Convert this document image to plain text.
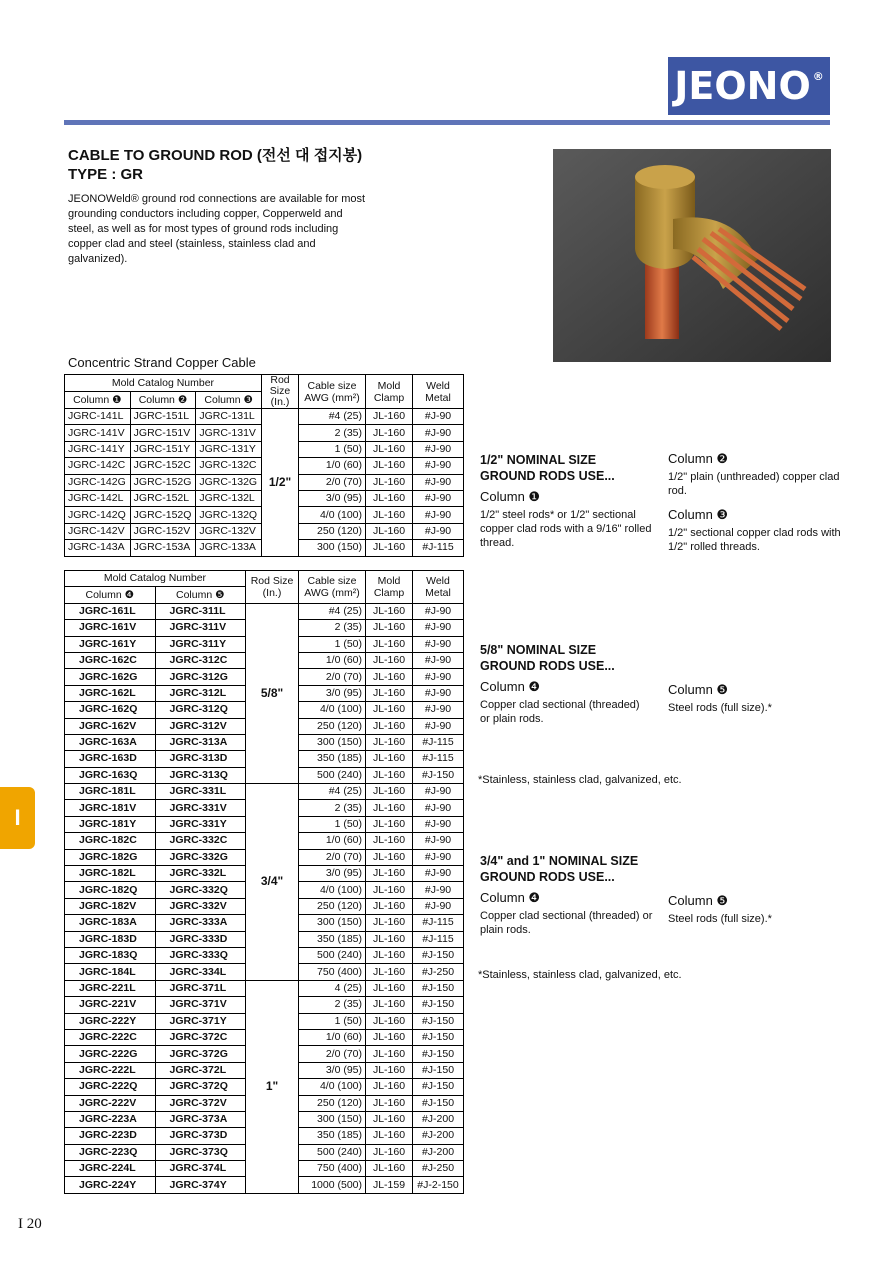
JEONO®
CABLE TO GROUND ROD (전선 대 접지봉)
TYPE : GR
JEONOWeld® ground rod connections are available for most grounding conductors including copper, Copperweld and steel, as well as for most types of ground rods including copper clad and steel (stainless, stainless clad and galvanized).
Concentric Strand Copper Cable
Mold Catalog Number			Rod Size (In.)	Cable size AWG (mm²)	Mold Clamp	Weld Metal
Column ❶	Column ❷	Column ❸				
JGRC-141L	JGRC-151L	JGRC-131L	1/2"	#4 (25)	JL-160	#J-90
JGRC-141V	JGRC-151V	JGRC-131V		2 (35)	JL-160	#J-90
JGRC-141Y	JGRC-151Y	JGRC-131Y		1 (50)	JL-160	#J-90
JGRC-142C	JGRC-152C	JGRC-132C		1/0 (60)	JL-160	#J-90
JGRC-142G	JGRC-152G	JGRC-132G		2/0 (70)	JL-160	#J-90
JGRC-142L	JGRC-152L	JGRC-132L		3/0 (95)	JL-160	#J-90
JGRC-142Q	JGRC-152Q	JGRC-132Q		4/0 (100)	JL-160	#J-90
JGRC-142V	JGRC-152V	JGRC-132V		250 (120)	JL-160	#J-90
JGRC-143A	JGRC-153A	JGRC-133A		300 (150)	JL-160	#J-115
Mold Catalog Number		Rod Size (In.)	Cable size AWG (mm²)	Mold Clamp	Weld Metal
Column ❹	Column ❺				
JGRC-161L	JGRC-311L	5/8"	#4 (25)	JL-160	#J-90
JGRC-161V	JGRC-311V		2 (35)	JL-160	#J-90
JGRC-161Y	JGRC-311Y		1 (50)	JL-160	#J-90
JGRC-162C	JGRC-312C		1/0 (60)	JL-160	#J-90
JGRC-162G	JGRC-312G		2/0 (70)	JL-160	#J-90
JGRC-162L	JGRC-312L		3/0 (95)	JL-160	#J-90
JGRC-162Q	JGRC-312Q		4/0 (100)	JL-160	#J-90
JGRC-162V	JGRC-312V		250 (120)	JL-160	#J-90
JGRC-163A	JGRC-313A		300 (150)	JL-160	#J-115
JGRC-163D	JGRC-313D		350 (185)	JL-160	#J-115
JGRC-163Q	JGRC-313Q		500 (240)	JL-160	#J-150
JGRC-181L	JGRC-331L	3/4"	#4 (25)	JL-160	#J-90
JGRC-181V	JGRC-331V		2 (35)	JL-160	#J-90
JGRC-181Y	JGRC-331Y		1 (50)	JL-160	#J-90
JGRC-182C	JGRC-332C		1/0 (60)	JL-160	#J-90
JGRC-182G	JGRC-332G		2/0 (70)	JL-160	#J-90
JGRC-182L	JGRC-332L		3/0 (95)	JL-160	#J-90
JGRC-182Q	JGRC-332Q		4/0 (100)	JL-160	#J-90
JGRC-182V	JGRC-332V		250 (120)	JL-160	#J-90
JGRC-183A	JGRC-333A		300 (150)	JL-160	#J-115
JGRC-183D	JGRC-333D		350 (185)	JL-160	#J-115
JGRC-183Q	JGRC-333Q		500 (240)	JL-160	#J-150
JGRC-184L	JGRC-334L		750 (400)	JL-160	#J-250
JGRC-221L	JGRC-371L	1"	4 (25)	JL-160	#J-150
JGRC-221V	JGRC-371V		2 (35)	JL-160	#J-150
JGRC-222Y	JGRC-371Y		1 (50)	JL-160	#J-150
JGRC-222C	JGRC-372C		1/0 (60)	JL-160	#J-150
JGRC-222G	JGRC-372G		2/0 (70)	JL-160	#J-150
JGRC-222L	JGRC-372L		3/0 (95)	JL-160	#J-150
JGRC-222Q	JGRC-372Q		4/0 (100)	JL-160	#J-150
JGRC-222V	JGRC-372V		250 (120)	JL-160	#J-150
JGRC-223A	JGRC-373A		300 (150)	JL-160	#J-200
JGRC-223D	JGRC-373D		350 (185)	JL-160	#J-200
JGRC-223Q	JGRC-373Q		500 (240)	JL-160	#J-200
JGRC-224L	JGRC-374L		750 (400)	JL-160	#J-250
JGRC-224Y	JGRC-374Y		1000 (500)	JL-159	#J-2-150
1/2" NOMINAL SIZE GROUND RODS USE...
Column ❶
1/2" steel rods* or 1/2" sectional copper clad rods with a 9/16" rolled thread.
Column ❷
1/2" plain (unthreaded) copper clad rod.
Column ❸
1/2" sectional copper clad rods with 1/2" rolled threads.
5/8" NOMINAL SIZE GROUND RODS USE...
Column ❹
Copper clad sectional (threaded) or plain rods.
Column ❺
Steel rods (full size).*
*Stainless, stainless clad, galvanized, etc.
3/4" and 1" NOMINAL SIZE GROUND RODS USE...
Column ❹
Copper clad sectional (threaded) or plain rods.
Column ❺
Steel rods (full size).*
*Stainless, stainless clad, galvanized, etc.
I
I 20
